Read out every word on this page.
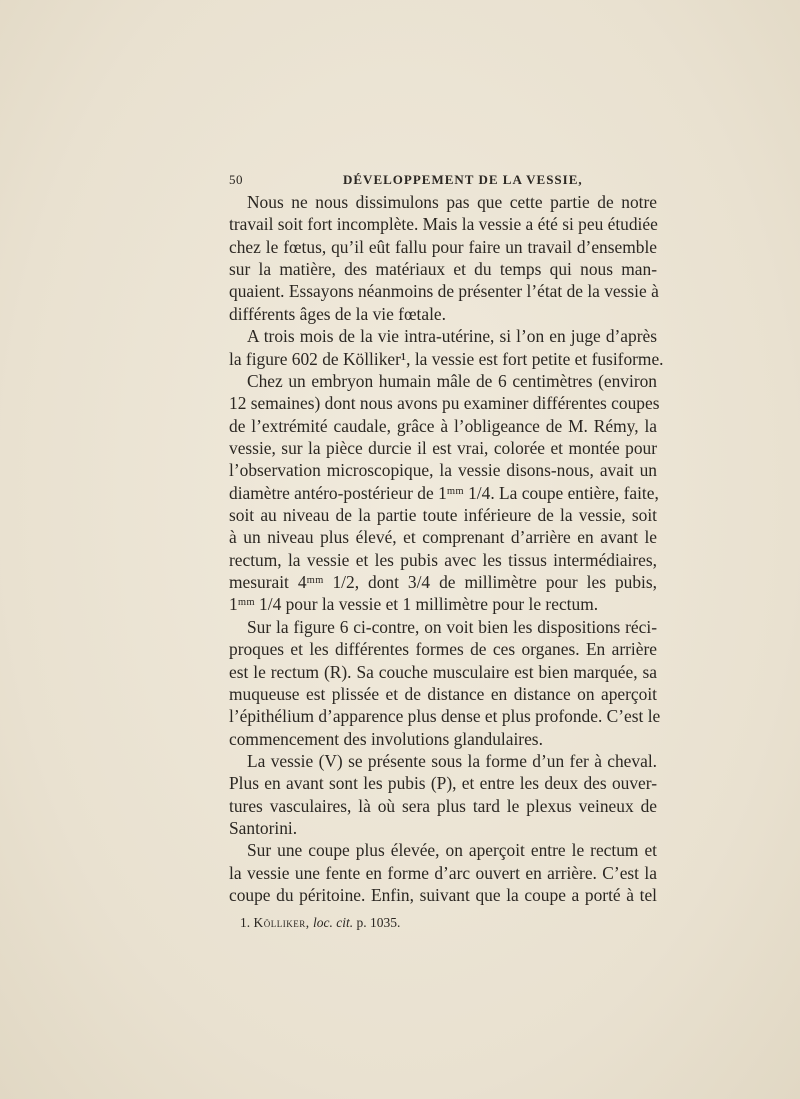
50	DÉVELOPPEMENT DE LA VESSIE,
Nous ne nous dissimulons pas que cette partie de notre
travail soit fort incomplète. Mais la vessie a été si peu étudiée
chez le fœtus, qu’il eût fallu pour faire un travail d’ensemble
sur la matière, des matériaux et du temps qui nous man-
quaient. Essayons néanmoins de présenter l’état de la vessie à
différents âges de la vie fœtale.
A trois mois de la vie intra-utérine, si l’on en juge d’après
la figure 602 de Kölliker¹, la vessie est fort petite et fusiforme.
Chez un embryon humain mâle de 6 centimètres (environ
12 semaines) dont nous avons pu examiner différentes coupes
de l’extrémité caudale, grâce à l’obligeance de M. Rémy, la
vessie, sur la pièce durcie il est vrai, colorée et montée pour
l’observation microscopique, la vessie disons-nous, avait un
diamètre antéro-postérieur de 1ᵐᵐ 1/4. La coupe entière, faite,
soit au niveau de la partie toute inférieure de la vessie, soit
à un niveau plus élevé, et comprenant d’arrière en avant le
rectum, la vessie et les pubis avec les tissus intermédiaires,
mesurait 4ᵐᵐ 1/2, dont 3/4 de millimètre pour les pubis,
1ᵐᵐ 1/4 pour la vessie et 1 millimètre pour le rectum.
Sur la figure 6 ci-contre, on voit bien les dispositions réci-
proques et les différentes formes de ces organes. En arrière
est le rectum (R). Sa couche musculaire est bien marquée, sa
muqueuse est plissée et de distance en distance on aperçoit
l’épithélium d’apparence plus dense et plus profonde. C’est le
commencement des involutions glandulaires.
La vessie (V) se présente sous la forme d’un fer à cheval.
Plus en avant sont les pubis (P), et entre les deux des ouver-
tures vasculaires, là où sera plus tard le plexus veineux de
Santorini.
Sur une coupe plus élevée, on aperçoit entre le rectum et
la vessie une fente en forme d’arc ouvert en arrière. C’est la
coupe du péritoine. Enfin, suivant que la coupe a porté à tel
1. Kölliker, loc. cit. p. 1035.
